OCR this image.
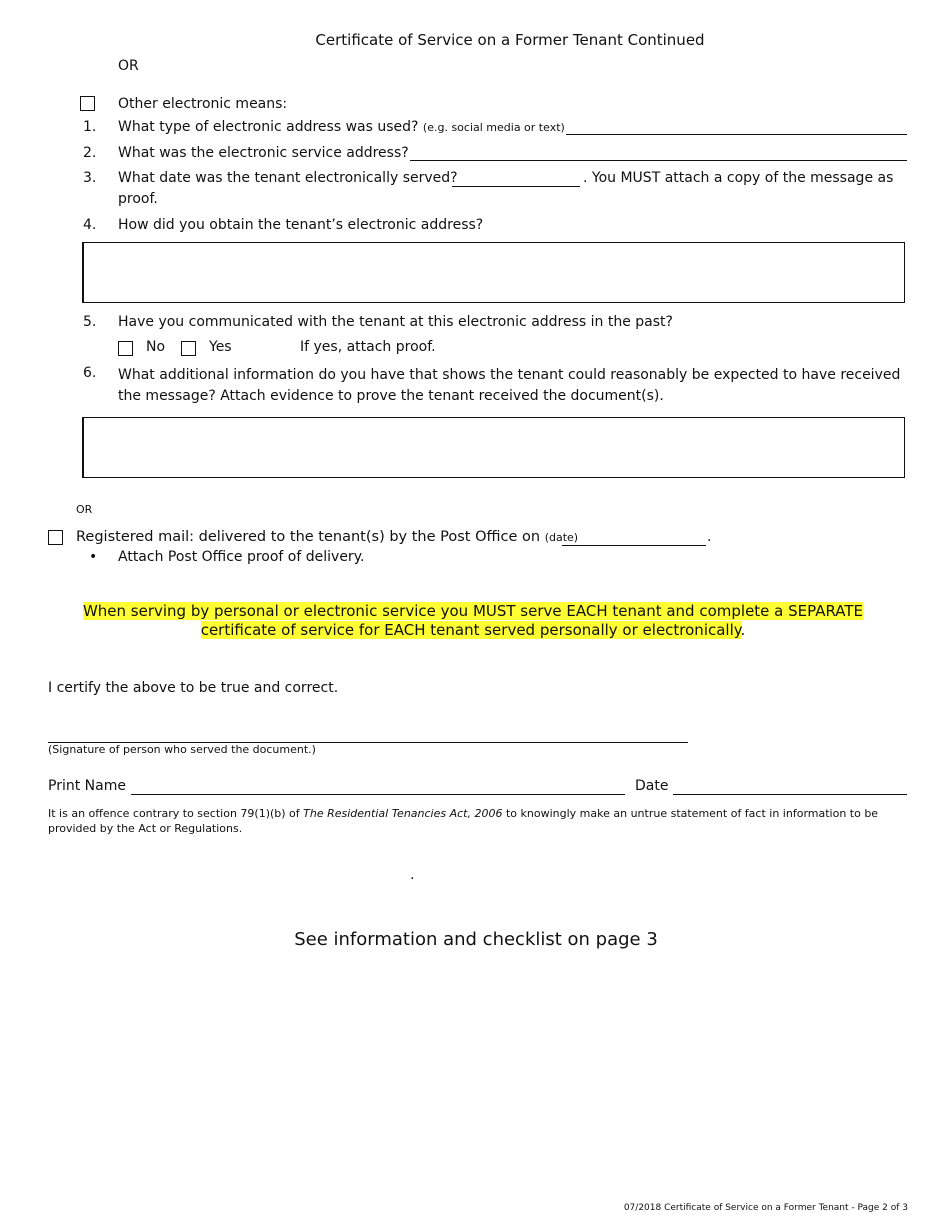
Certificate of Service on a Former Tenant Continued
OR
Other electronic means:
1. What type of electronic address was used? (e.g. social media or text)
2. What was the electronic service address?
3. What date was the tenant electronically served?	. You MUST attach a copy of the message as
proof.
4. How did you obtain the tenant’s electronic address?
5. Have you communicated with the tenant at this electronic address in the past?
No	Yes	If yes, attach proof.
6. What additional information do you have that shows the tenant could reasonably be expected to have received the message? Attach evidence to prove the tenant received the document(s).
OR
Registered mail: delivered to the tenant(s) by the Post Office on (date)	.
• Attach Post Office proof of delivery.
When serving by personal or electronic service you MUST serve EACH tenant and complete a SEPARATE
certificate of service for EACH tenant served personally or electronically.
I certify the above to be true and correct.
(Signature of person who served the document.)
Print Name	Date
It is an offence contrary to section 79(1)(b) of The Residential Tenancies Act, 2006 to knowingly make an untrue statement of fact in information to be provided by the Act or Regulations.
.
See information and checklist on page 3
07/2018 Certificate of Service on a Former Tenant - Page 2 of 3
